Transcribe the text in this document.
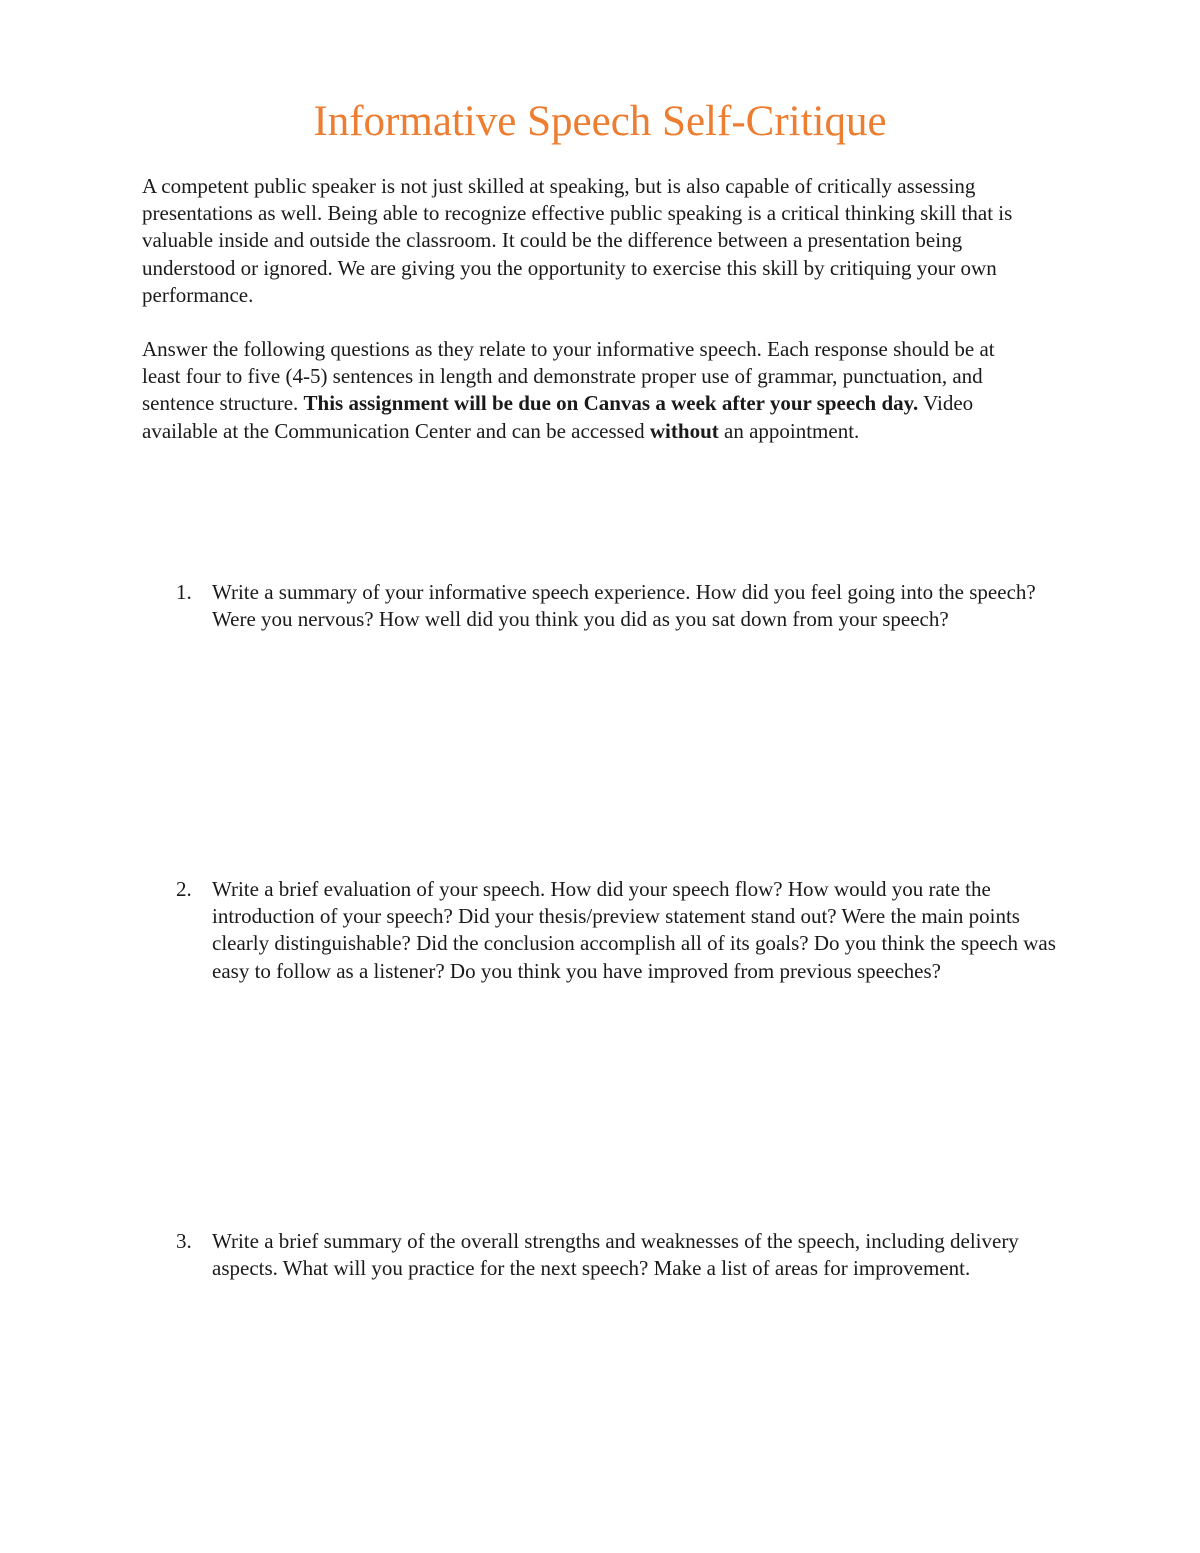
Informative Speech Self-Critique

A competent public speaker is not just skilled at speaking, but is also capable of critically assessing presentations as well. Being able to recognize effective public speaking is a critical thinking skill that is valuable inside and outside the classroom. It could be the difference between a presentation being understood or ignored. We are giving you the opportunity to exercise this skill by critiquing your own performance.

Answer the following questions as they relate to your informative speech. Each response should be at least four to five (4-5) sentences in length and demonstrate proper use of grammar, punctuation, and sentence structure. This assignment will be due on Canvas a week after your speech day. Video available at the Communication Center and can be accessed without an appointment.

1. Write a summary of your informative speech experience. How did you feel going into the speech? Were you nervous? How well did you think you did as you sat down from your speech?
2. Write a brief evaluation of your speech. How did your speech flow? How would you rate the introduction of your speech? Did your thesis/preview statement stand out? Were the main points clearly distinguishable? Did the conclusion accomplish all of its goals? Do you think the speech was easy to follow as a listener? Do you think you have improved from previous speeches?
3. Write a brief summary of the overall strengths and weaknesses of the speech, including delivery aspects. What will you practice for the next speech? Make a list of areas for improvement.
